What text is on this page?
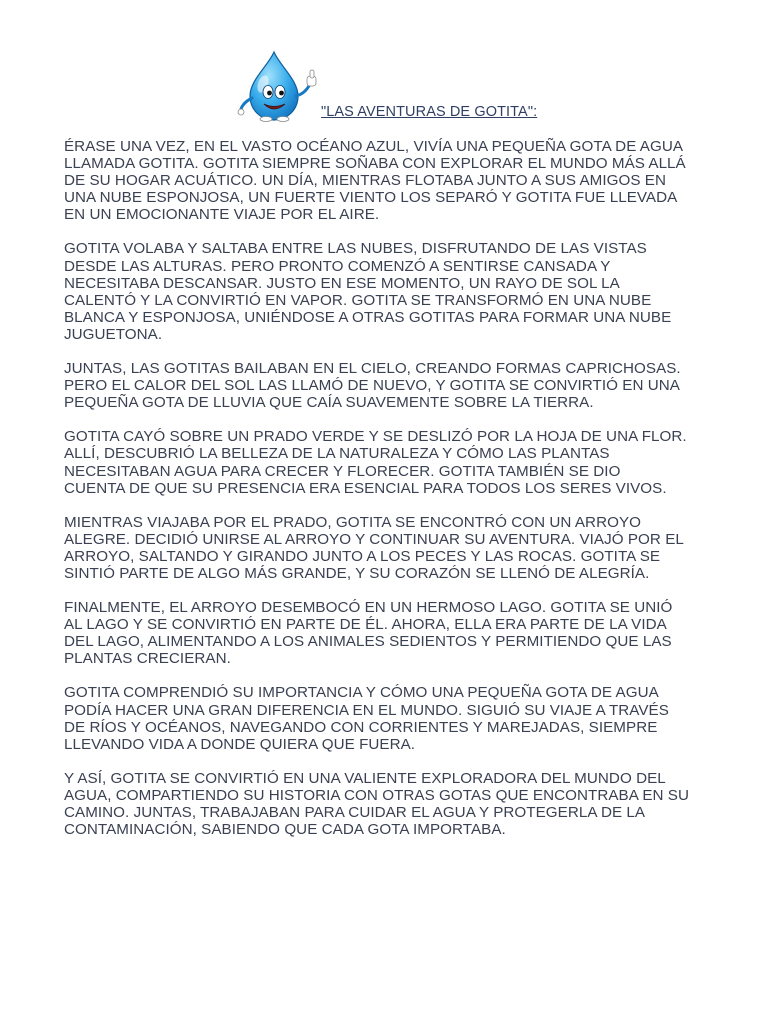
"LAS AVENTURAS DE GOTITA":

ÉRASE UNA VEZ, EN EL VASTO OCÉANO AZUL, VIVÍA UNA PEQUEÑA GOTA DE AGUA
LLAMADA GOTITA. GOTITA SIEMPRE SOÑABA CON EXPLORAR EL MUNDO MÁS ALLÁ
DE SU HOGAR ACUÁTICO. UN DÍA, MIENTRAS FLOTABA JUNTO A SUS AMIGOS EN
UNA NUBE ESPONJOSA, UN FUERTE VIENTO LOS SEPARÓ Y GOTITA FUE LLEVADA
EN UN EMOCIONANTE VIAJE POR EL AIRE.

GOTITA VOLABA Y SALTABA ENTRE LAS NUBES, DISFRUTANDO DE LAS VISTAS
DESDE LAS ALTURAS. PERO PRONTO COMENZÓ A SENTIRSE CANSADA Y
NECESITABA DESCANSAR. JUSTO EN ESE MOMENTO, UN RAYO DE SOL LA
CALENTÓ Y LA CONVIRTIÓ EN VAPOR. GOTITA SE TRANSFORMÓ EN UNA NUBE
BLANCA Y ESPONJOSA, UNIÉNDOSE A OTRAS GOTITAS PARA FORMAR UNA NUBE
JUGUETONA.

JUNTAS, LAS GOTITAS BAILABAN EN EL CIELO, CREANDO FORMAS CAPRICHOSAS.
PERO EL CALOR DEL SOL LAS LLAMÓ DE NUEVO, Y GOTITA SE CONVIRTIÓ EN UNA
PEQUEÑA GOTA DE LLUVIA QUE CAÍA SUAVEMENTE SOBRE LA TIERRA.

GOTITA CAYÓ SOBRE UN PRADO VERDE Y SE DESLIZÓ POR LA HOJA DE UNA FLOR.
ALLÍ, DESCUBRIÓ LA BELLEZA DE LA NATURALEZA Y CÓMO LAS PLANTAS
NECESITABAN AGUA PARA CRECER Y FLORECER. GOTITA TAMBIÉN SE DIO
CUENTA DE QUE SU PRESENCIA ERA ESENCIAL PARA TODOS LOS SERES VIVOS.

MIENTRAS VIAJABA POR EL PRADO, GOTITA SE ENCONTRÓ CON UN ARROYO
ALEGRE. DECIDIÓ UNIRSE AL ARROYO Y CONTINUAR SU AVENTURA. VIAJÓ POR EL
ARROYO, SALTANDO Y GIRANDO JUNTO A LOS PECES Y LAS ROCAS. GOTITA SE
SINTIÓ PARTE DE ALGO MÁS GRANDE, Y SU CORAZÓN SE LLENÓ DE ALEGRÍA.

FINALMENTE, EL ARROYO DESEMBOCÓ EN UN HERMOSO LAGO. GOTITA SE UNIÓ
AL LAGO Y SE CONVIRTIÓ EN PARTE DE ÉL. AHORA, ELLA ERA PARTE DE LA VIDA
DEL LAGO, ALIMENTANDO A LOS ANIMALES SEDIENTOS Y PERMITIENDO QUE LAS
PLANTAS CRECIERAN.

GOTITA COMPRENDIÓ SU IMPORTANCIA Y CÓMO UNA PEQUEÑA GOTA DE AGUA
PODÍA HACER UNA GRAN DIFERENCIA EN EL MUNDO. SIGUIÓ SU VIAJE A TRAVÉS
DE RÍOS Y OCÉANOS, NAVEGANDO CON CORRIENTES Y MAREJADAS, SIEMPRE
LLEVANDO VIDA A DONDE QUIERA QUE FUERA.

Y ASÍ, GOTITA SE CONVIRTIÓ EN UNA VALIENTE EXPLORADORA DEL MUNDO DEL
AGUA, COMPARTIENDO SU HISTORIA CON OTRAS GOTAS QUE ENCONTRABA EN SU
CAMINO. JUNTAS, TRABAJABAN PARA CUIDAR EL AGUA Y PROTEGERLA DE LA
CONTAMINACIÓN, SABIENDO QUE CADA GOTA IMPORTABA.
